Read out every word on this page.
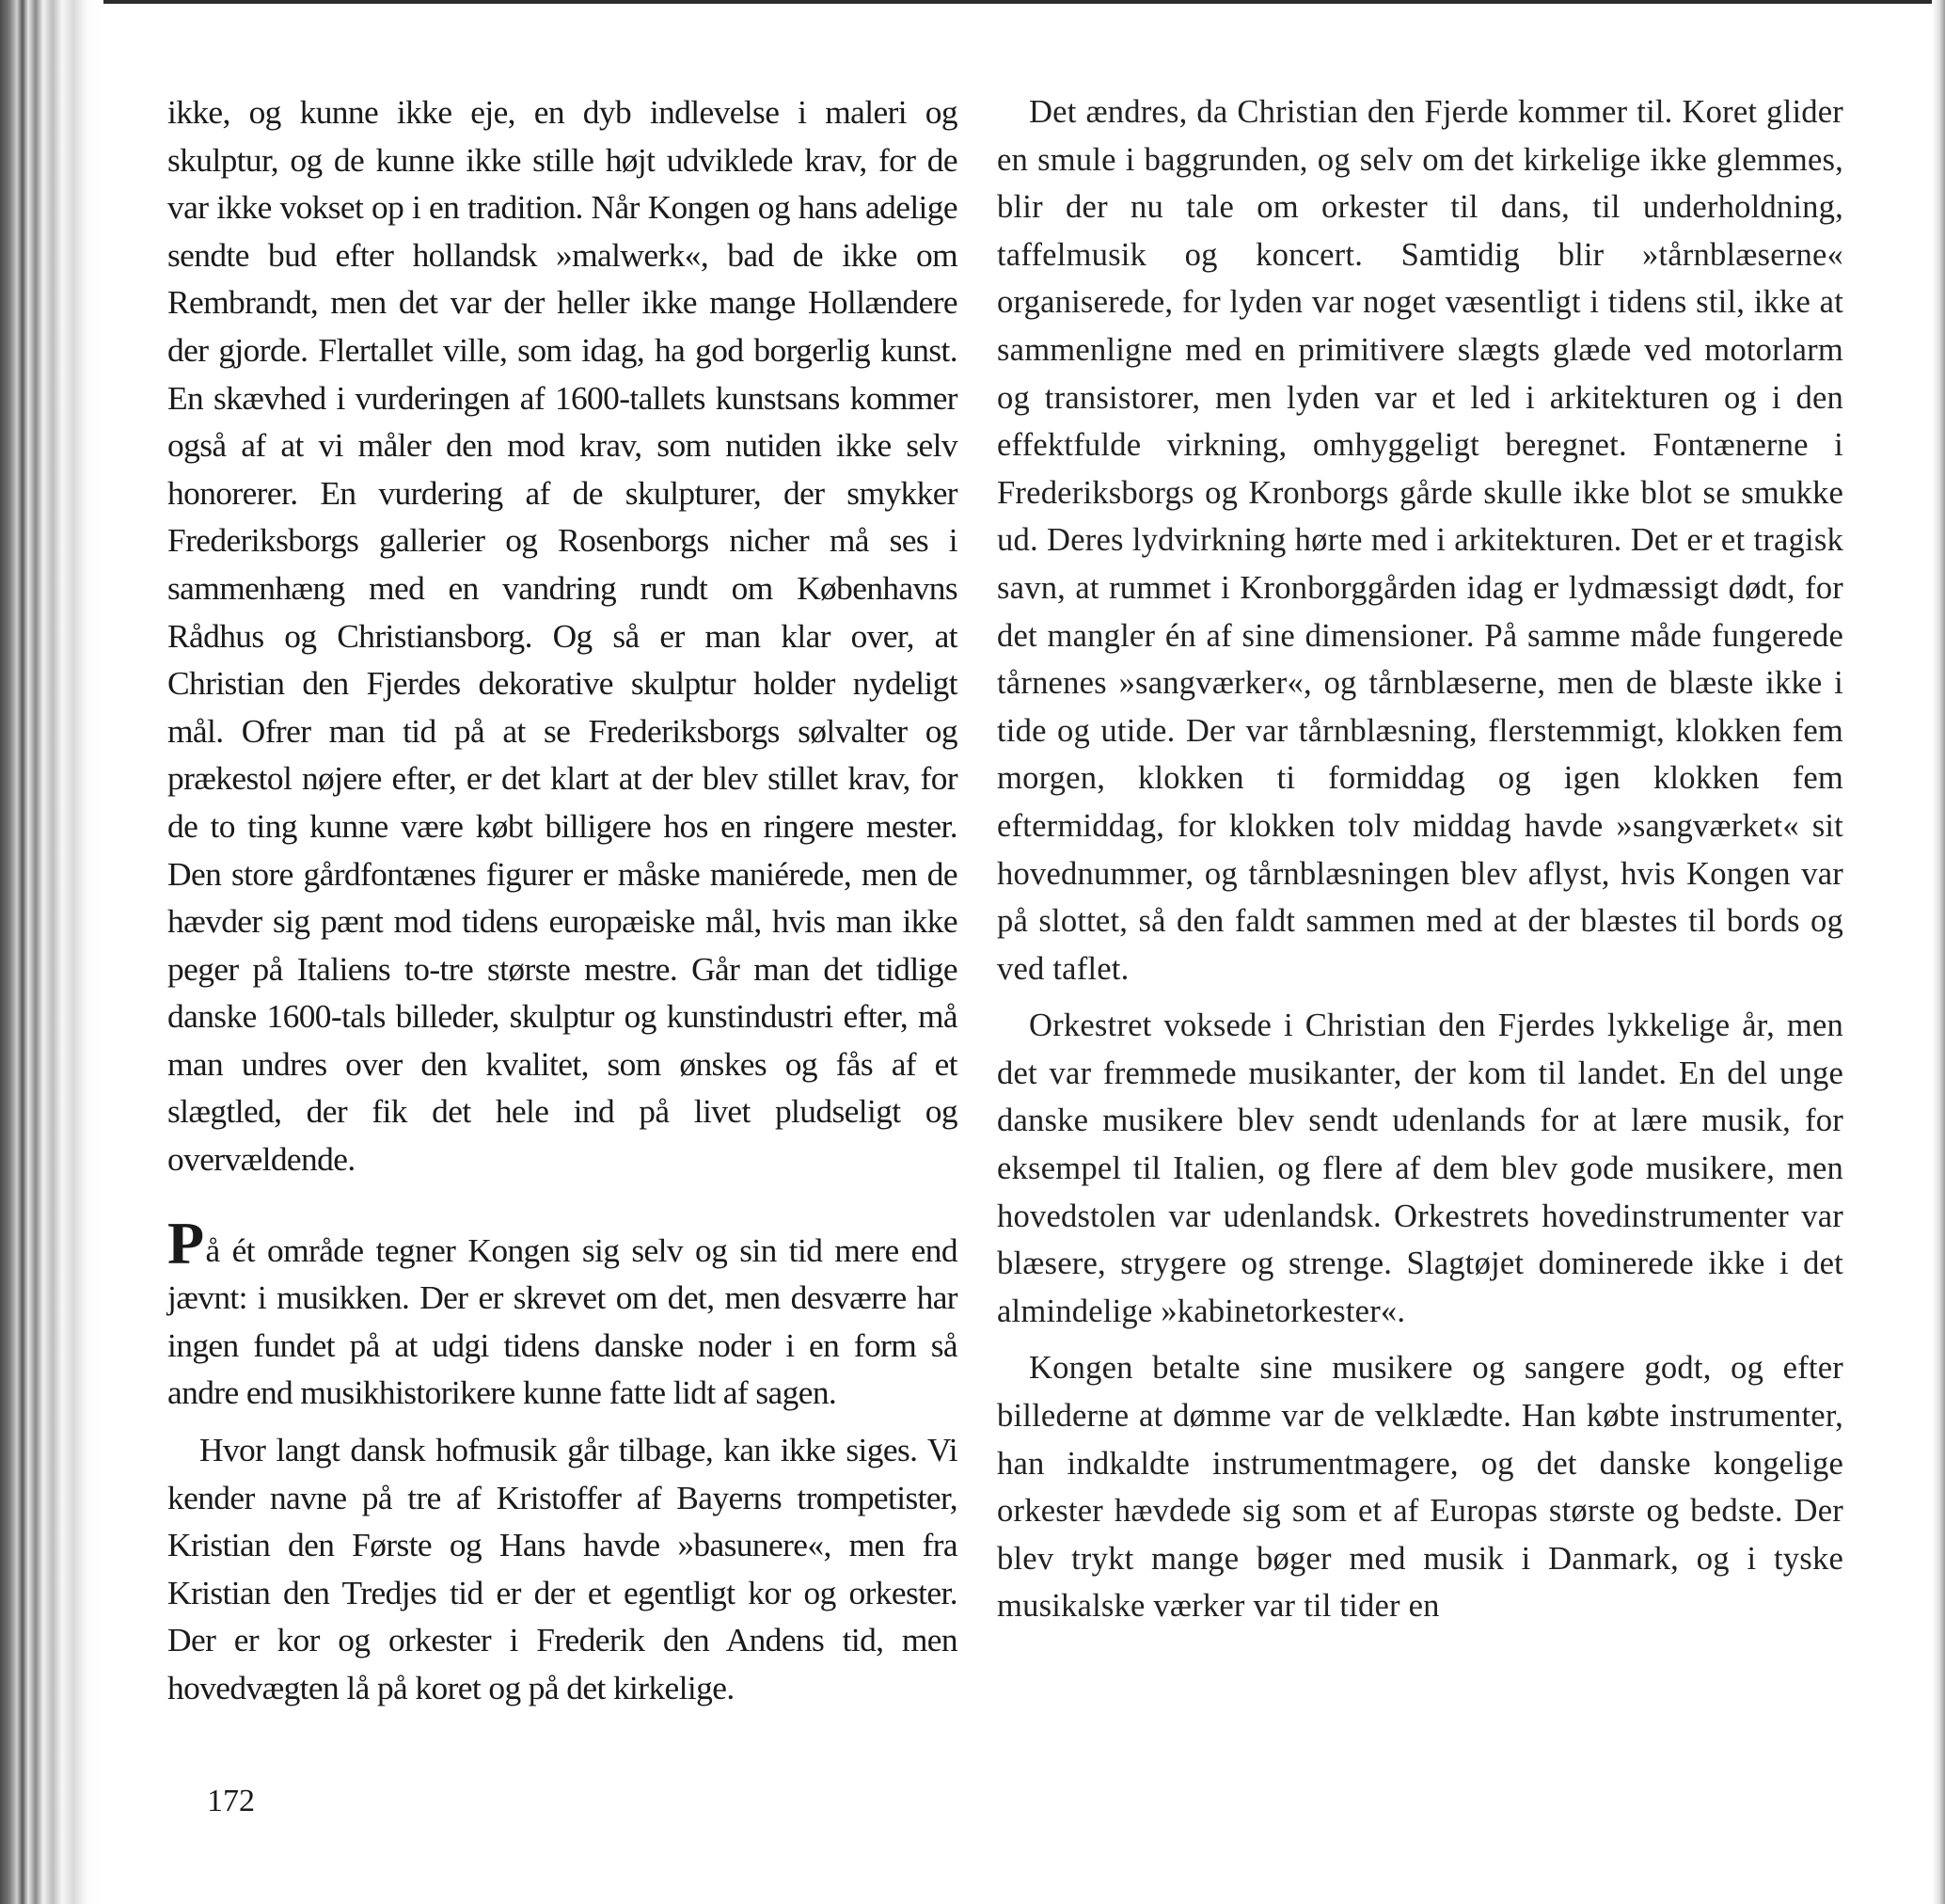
ikke, og kunne ikke eje, en dyb indlevelse i maleri og skulptur, og de kunne ikke stille højt udviklede krav, for de var ikke vokset op i en tradition. Når Kongen og hans adelige sendte bud efter hollandsk »malwerk«, bad de ikke om Rembrandt, men det var der heller ikke mange Hollændere der gjorde. Flertallet ville, som idag, ha god borgerlig kunst. En skævhed i vurderingen af 1600-tallets kunstsans kommer også af at vi måler den mod krav, som nutiden ikke selv honorerer. En vurdering af de skulpturer, der smykker Frederiksborgs gallerier og Rosenborgs nicher må ses i sammenhæng med en vandring rundt om Københavns Rådhus og Christiansborg. Og så er man klar over, at Christian den Fjerdes dekorative skulptur holder nydeligt mål. Ofrer man tid på at se Frederiksborgs sølvalter og prækestol nøjere efter, er det klart at der blev stillet krav, for de to ting kunne være købt billigere hos en ringere mester. Den store gårdfontænes figurer er måske maniérede, men de hævder sig pænt mod tidens europæiske mål, hvis man ikke peger på Italiens to-tre største mestre. Går man det tidlige danske 1600-tals billeder, skulptur og kunstindustri efter, må man undres over den kvalitet, som ønskes og fås af et slægtled, der fik det hele ind på livet pludseligt og overvældende.

På ét område tegner Kongen sig selv og sin tid mere end jævnt: i musikken. Der er skrevet om det, men desværre har ingen fundet på at udgi tidens danske noder i en form så andre end musikhistorikere kunne fatte lidt af sagen.

Hvor langt dansk hofmusik går tilbage, kan ikke siges. Vi kender navne på tre af Kristoffer af Bayerns trompetister, Kristian den Første og Hans havde »basunere«, men fra Kristian den Tredjes tid er der et egentligt kor og orkester. Der er kor og orkester i Frederik den Andens tid, men hovedvægten lå på koret og på det kirkelige.

Det ændres, da Christian den Fjerde kommer til. Koret glider en smule i baggrunden, og selv om det kirkelige ikke glemmes, blir der nu tale om orkester til dans, til underholdning, taffelmusik og koncert. Samtidig blir »tårnblæserne« organiserede, for lyden var noget væsentligt i tidens stil, ikke at sammenligne med en primitivere slægts glæde ved motorlarm og transistorer, men lyden var et led i arkitekturen og i den effektfulde virkning, omhyggeligt beregnet. Fontænerne i Frederiksborgs og Kronborgs gårde skulle ikke blot se smukke ud. Deres lydvirkning hørte med i arkitekturen. Det er et tragisk savn, at rummet i Kronborggården idag er lydmæssigt dødt, for det mangler én af sine dimensioner. På samme måde fungerede tårnenes »sangværker«, og tårnblæserne, men de blæste ikke i tide og utide. Der var tårnblæsning, flerstemmigt, klokken fem morgen, klokken ti formiddag og igen klokken fem eftermiddag, for klokken tolv middag havde »sangværket« sit hovednummer, og tårnblæsningen blev aflyst, hvis Kongen var på slottet, så den faldt sammen med at der blæstes til bords og ved taflet.

Orkestret voksede i Christian den Fjerdes lykkelige år, men det var fremmede musikanter, der kom til landet. En del unge danske musikere blev sendt udenlands for at lære musik, for eksempel til Italien, og flere af dem blev gode musikere, men hovedstolen var udenlandsk. Orkestrets hovedinstrumenter var blæsere, strygere og strenge. Slagtøjet dominerede ikke i det almindelige »kabinetorkester«.

Kongen betalte sine musikere og sangere godt, og efter billederne at dømme var de velklædte. Han købte instrumenter, han indkaldte instrumentmagere, og det danske kongelige orkester hævdede sig som et af Europas største og bedste. Der blev trykt mange bøger med musik i Danmark, og i tyske musikalske værker var til tider en

172
